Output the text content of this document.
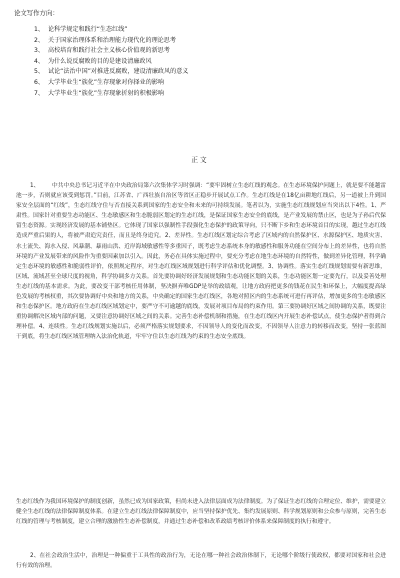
论文写作方向：
1、 论科学规定和践行“生态红线”
2、 关于国家治理体系和治理能力现代化的理论思考
3、 高校培育和践行社会主义核心价值观的新思考
4、 为什么说反腐败的目的是建设清廉政风
5、 试论“法治中国”对推进反腐败，建设清廉政风的意义
6、 大学毕业生“族化”生存现象对你择业的影响
7、 大学毕业生“族化”生存现象折射的积极影响
正文

1、 中共中央总书记习近平在中央政治局第六次集体学习时强调：“要牢固树立生态红线的观念。在生态环境保护问题上，就是要不能越雷池一步，否则就应该受到惩罚。”目前，江苏省、广西壮族自治区等省区正稳步开展试点工作。生态红线是在18亿亩耕地红线后，另一道被上升到国家安全层面的“红线”，生态红线守住与否直接关系到国家的生态安全和未来的可持续发展。笔者以为，实施生态红线规划应当突出以下4性。1、严肃性。国家针对重要生态功能区、生态敏感区和生态脆弱区划定的生态红线，是保证国家生态安全的底线，是产业发展的禁止区，也是为子孙后代保留生态资源。实现经济发展的基本铺垫区。它体现了国家以强制性手段强化生态保护的政策导向，只不断下乡和生态环境首目的实现，越过生态红线造成严重后果的人，将被严肃追究责任，而且是终身追究。2、差异性。生态红线区划定综合考虑了区域内的自然保护区、水源保护区、地质灾害、水土流失、海水入侵、风暴潮、暴雨山洪、近岸海域敏感性等多重因子，既考虑生态系统本身的敏感性和服务功能在空间分布上的差异性，也将自然环境的产业发展带来的风险作为重要因素加以引入。因此，务必在具体实施过程中，要充分考虑在地生态环境的自然特性，做到差异化管理，科学确定生态环境的敏感性和脆弱性评价，依照规定程序，对生态红线区域规划进行科学评估和优化调整。3、协调性。落实生态红线规划需要有新思维，区域、流域甚至全球尺度的视角，科学协调多方关系。首先要协调好经济发展规划和生态功能区划的关系，生态功能区划一定要先行，以及妥善处理生态红线的基本需求。为此，要改变干部考核任用体制，坚决摒弃唯GDP是举的政绩观，让地方政府把更多的钱花在民生和环保上，大幅度提高绿色发展的考核权重，其次要协调好中央和地方的关系，中央确定的国家生态红线区，各地对照区内的生态系统可进行再评估，增加更多的生态敏感区和生态保护区。地方政府在生态红线区域划定中，要严守不可逾越的底线，发展对项目布局的约束作用。第三要协调好区域之间协调的关系，既要注重协调解决区域内部的问题，又要注意协调好区域之间的关系。完善生态补偿机制和措施，在生态红线区内开展生态补偿试点，使生态保护者得到合理补偿。4、连续性。生态红线规划实施以后，必须严格落实规划要求，不因领导人的变化而改变，不因领导人注意力的转移而改变，坚持一张蓝图干到底，将生态红线区域管理纳入法治化轨道，牢牢守住以生态红线为约束的生态安全底线。

生态红线作为我国环境保护的制度创新，虽然已成为国家政策，但尚未进入法律层面成为法律制度。为了保证生态红线的合理定位、维护，需要建立健全生态红线的法律保障制度体系。在建立生态红线法律保障制度中，应当坚持保护优先、集约发展原则、科学规划原则和公众参与原则，完善生态红线的管理与考核制度，建立合理的激励性生态补偿制度，并通过生态补偿和改革政绩考核评价体系来保障制度的执行和遵守。

2、在社会政治生活中，治理是一种偏重于工具性的政治行为，无论在哪一种社会政治体制下，无论哪个阶级行使政权，都要对国家和社会进行有效的治理。
